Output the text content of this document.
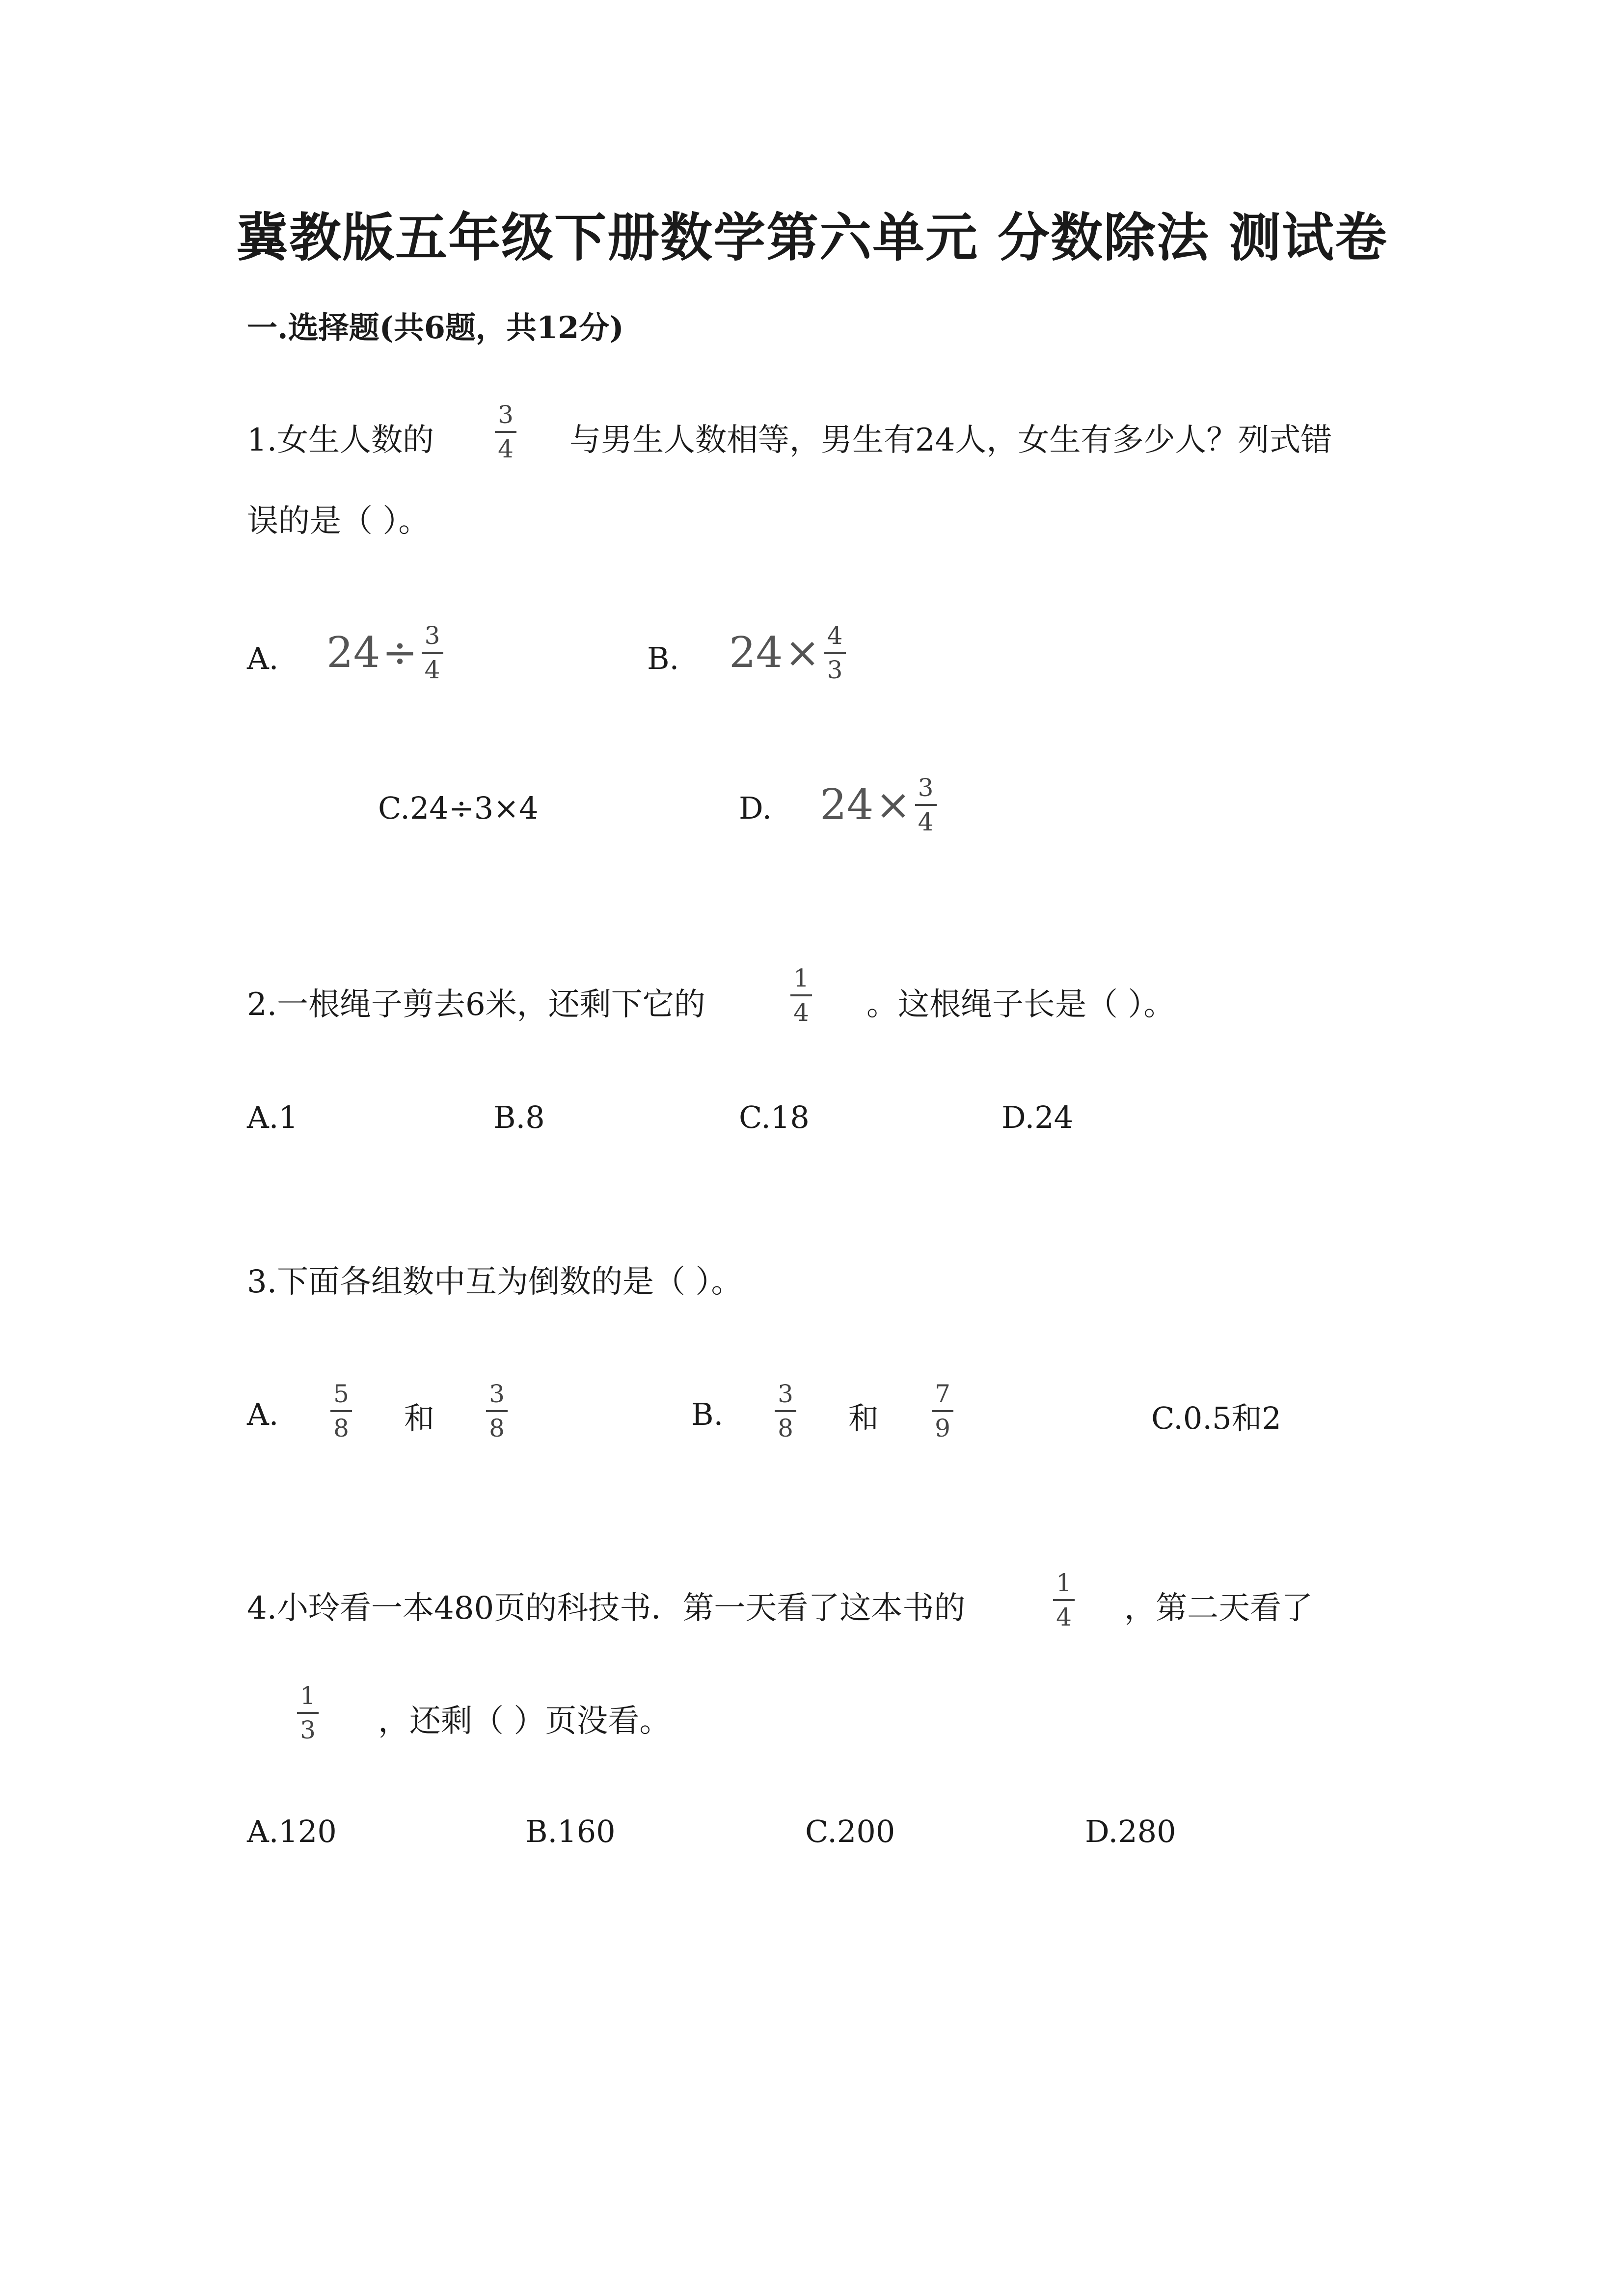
冀教版五年级下册数学第六单元 分数除法 测试卷
一.选择题(共6题，共12分)
1.女生人数的
3
4 与男生人数相等，男生有24人，女生有多少人？列式错
误的是（ ）。
A. $24 \div \frac{3}{4}$	B. $24 \times \frac{4}{3}$
C.24÷3×4	D. $24 \times \frac{3}{4}$
2.一根绳子剪去6米，还剩下它的
1
4 。这根绳子长是（ ）。
A.1	B.8	C.18	D.24
3.下面各组数中互为倒数的是（ ）。
A.
5
8 和
3
8	B.
3
8 和
7
9	C.0.5和2
4.小玲看一本480页的科技书．第一天看了这本书的
1
4 ，第二天看了
1
3 ，还剩（ ）页没看。
A.120	B.160	C.200	D.280
